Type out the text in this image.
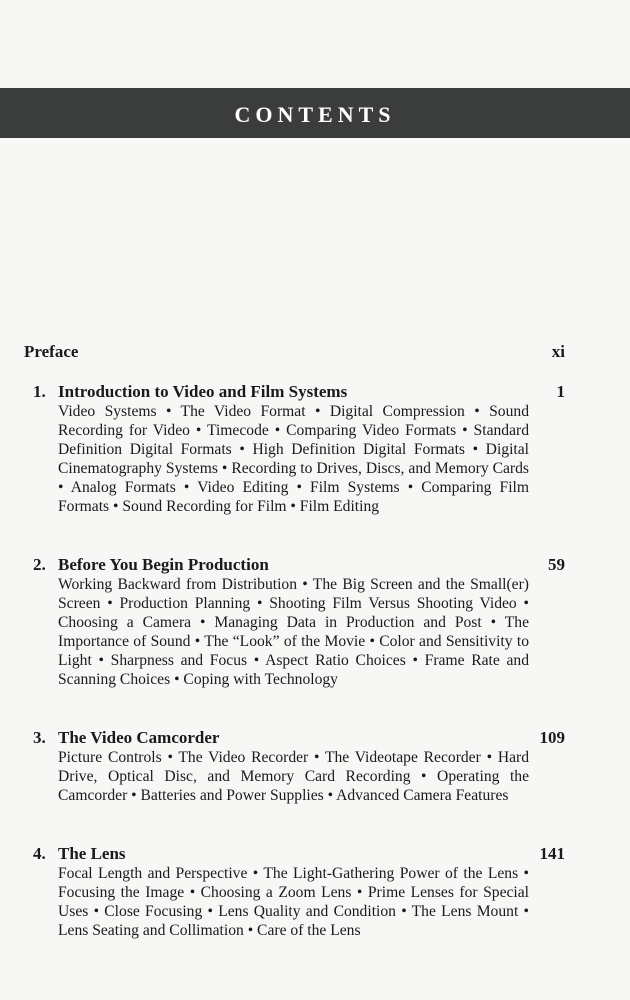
CONTENTS
Preface	xi
1. Introduction to Video and Film Systems	1
Video Systems • The Video Format • Digital Compression • Sound Recording for Video • Timecode • Comparing Video Formats • Standard Definition Digital Formats • High Definition Digital Formats • Digital Cinematography Systems • Recording to Drives, Discs, and Memory Cards • Analog Formats • Video Editing • Film Systems • Comparing Film Formats • Sound Recording for Film • Film Editing
2. Before You Begin Production	59
Working Backward from Distribution • The Big Screen and the Small(er) Screen • Production Planning • Shooting Film Versus Shooting Video • Choosing a Camera • Managing Data in Production and Post • The Importance of Sound • The “Look” of the Movie • Color and Sensitivity to Light • Sharpness and Focus • Aspect Ratio Choices • Frame Rate and Scanning Choices • Coping with Technology
3. The Video Camcorder	109
Picture Controls • The Video Recorder • The Videotape Recorder • Hard Drive, Optical Disc, and Memory Card Recording • Operating the Camcorder • Batteries and Power Supplies • Advanced Camera Features
4. The Lens	141
Focal Length and Perspective • The Light-Gathering Power of the Lens • Focusing the Image • Choosing a Zoom Lens • Prime Lenses for Special Uses • Close Focusing • Lens Quality and Condition • The Lens Mount • Lens Seating and Collimation • Care of the Lens
